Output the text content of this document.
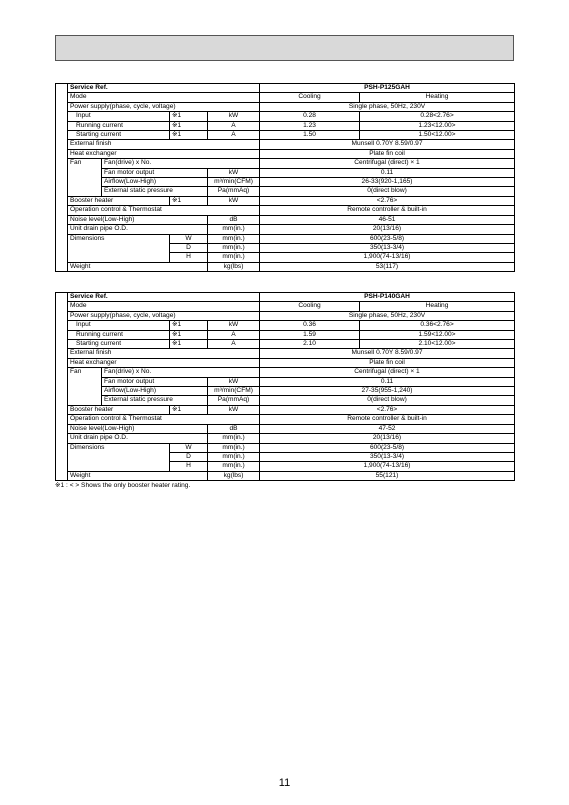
	Service Ref.				PSH-P125GAH	
	Mode				Cooling	Heating
	Power supply(phase, cycle, voltage)				Single phase, 50Hz, 230V	
	Input		※1	kW	0.28	0.28<2.76>
	Running current		※1	A	1.23	1.23<12.00>
	Starting current		※1	A	1.50	1.50<12.00>
	External finish				Munsell 0.70Y 8.59/0.97	
	Heat exchanger				Plate fin coil	
	Fan	Fan(drive) x No.			Centrifugal (direct) × 1	
		Fan motor output		kW	0.11	
		Airflow(Low-High)		m³/min(CFM)	26-33(920-1,165)	
		External static pressure		Pa(mmAq)	0(direct blow)	
	Booster heater		※1	kW	<2.76>	
	Operation control & Thermostat				Remote controller & built-in	
	Noise level(Low-High)			dB	46-51	
	Unit drain pipe O.D.			mm(in.)	20(13/16)	
	Dimensions		W	mm(in.)	600(23-5/8)	
			D	mm(in.)	350(13-3/4)	
			H	mm(in.)	1,900(74-13/16)	
	Weight			kg(lbs)	53(117)	
	Service Ref.				PSH-P140GAH	
	Mode				Cooling	Heating
	Power supply(phase, cycle, voltage)				Single phase, 50Hz, 230V	
	Input		※1	kW	0.36	0.36<2.76>
	Running current		※1	A	1.59	1.59<12.00>
	Starting current		※1	A	2.10	2.10<12.00>
	External finish				Munsell 0.70Y 8.59/0.97	
	Heat exchanger				Plate fin coil	
	Fan	Fan(drive) x No.			Centrifugal (direct) × 1	
		Fan motor output		kW	0.11	
		Airflow(Low-High)		m³/min(CFM)	27-35(955-1,240)	
		External static pressure		Pa(mmAq)	0(direct blow)	
	Booster heater		※1	kW	<2.76>	
	Operation control & Thermostat				Remote controller & built-in	
	Noise level(Low-High)			dB	47-52	
	Unit drain pipe O.D.			mm(in.)	20(13/16)	
	Dimensions		W	mm(in.)	600(23-5/8)	
			D	mm(in.)	350(13-3/4)	
			H	mm(in.)	1,900(74-13/16)	
	Weight			kg(lbs)	55(121)	
※1 : < > Shows the only booster heater rating.
11
